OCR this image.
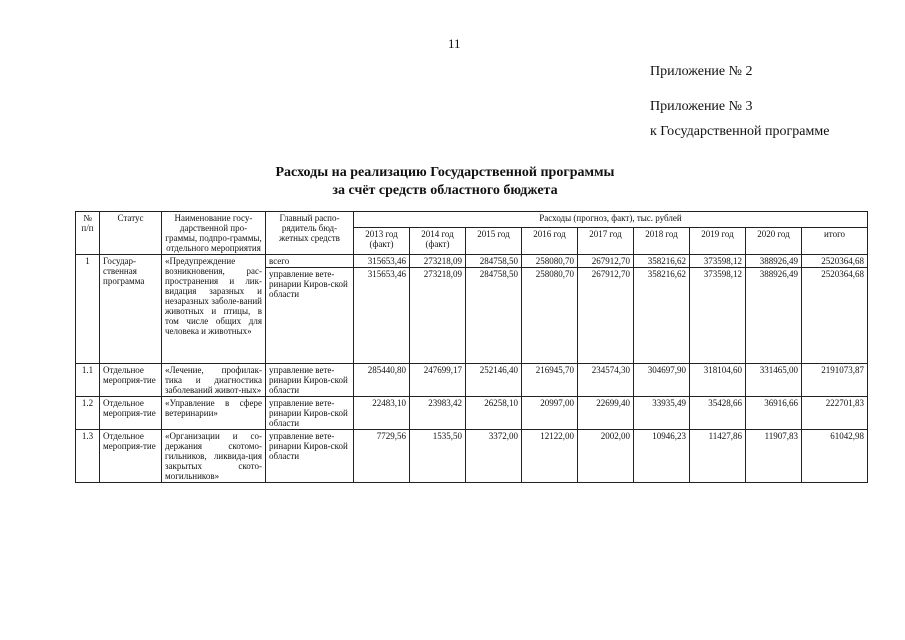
11
Приложение № 2
Приложение № 3
к Государственной программе
Расходы на реализацию Государственной программы
за счёт средств областного бюджета
№ п/п	Статус	Наименование госу-дарственной про-граммы, подпро-граммы, отдельного мероприятия	Главный распо-рядитель бюд-жетных средств	Расходы (прогноз, факт), тыс. рублей								
				2013 год (факт)	2014 год (факт)	2015 год	2016 год	2017 год	2018 год	2019 год	2020 год	итого
1	Государ-ственная программа	«Предупреждение возникновения, рас-пространения и лик-видация заразных и незаразных заболе-ваний животных и птицы, в том числе общих для человека и животных»	всего	315653,46	273218,09	284758,50	258080,70	267912,70	358216,62	373598,12	388926,49	2520364,68
			управление вете-ринарии Киров-ской области	315653,46	273218,09	284758,50	258080,70	267912,70	358216,62	373598,12	388926,49	2520364,68
1.1	Отдельное мероприя-тие	«Лечение, профилак-тика и диагностика заболеваний живот-ных»	управление вете-ринарии Киров-ской области	285440,80	247699,17	252146,40	216945,70	234574,30	304697,90	318104,60	331465,00	2191073,87
1.2	Отдельное мероприя-тие	«Управление в сфере ветеринарии»	управление вете-ринарии Киров-ской области	22483,10	23983,42	26258,10	20997,00	22699,40	33935,49	35428,66	36916,66	222701,83
1.3	Отдельное мероприя-тие	«Организации и со-держания скотомо-гильников, ликвида-ция закрытых ското-могильников»	управление вете-ринарии Киров-ской области	7729,56	1535,50	3372,00	12122,00	2002,00	10946,23	11427,86	11907,83	61042,98
